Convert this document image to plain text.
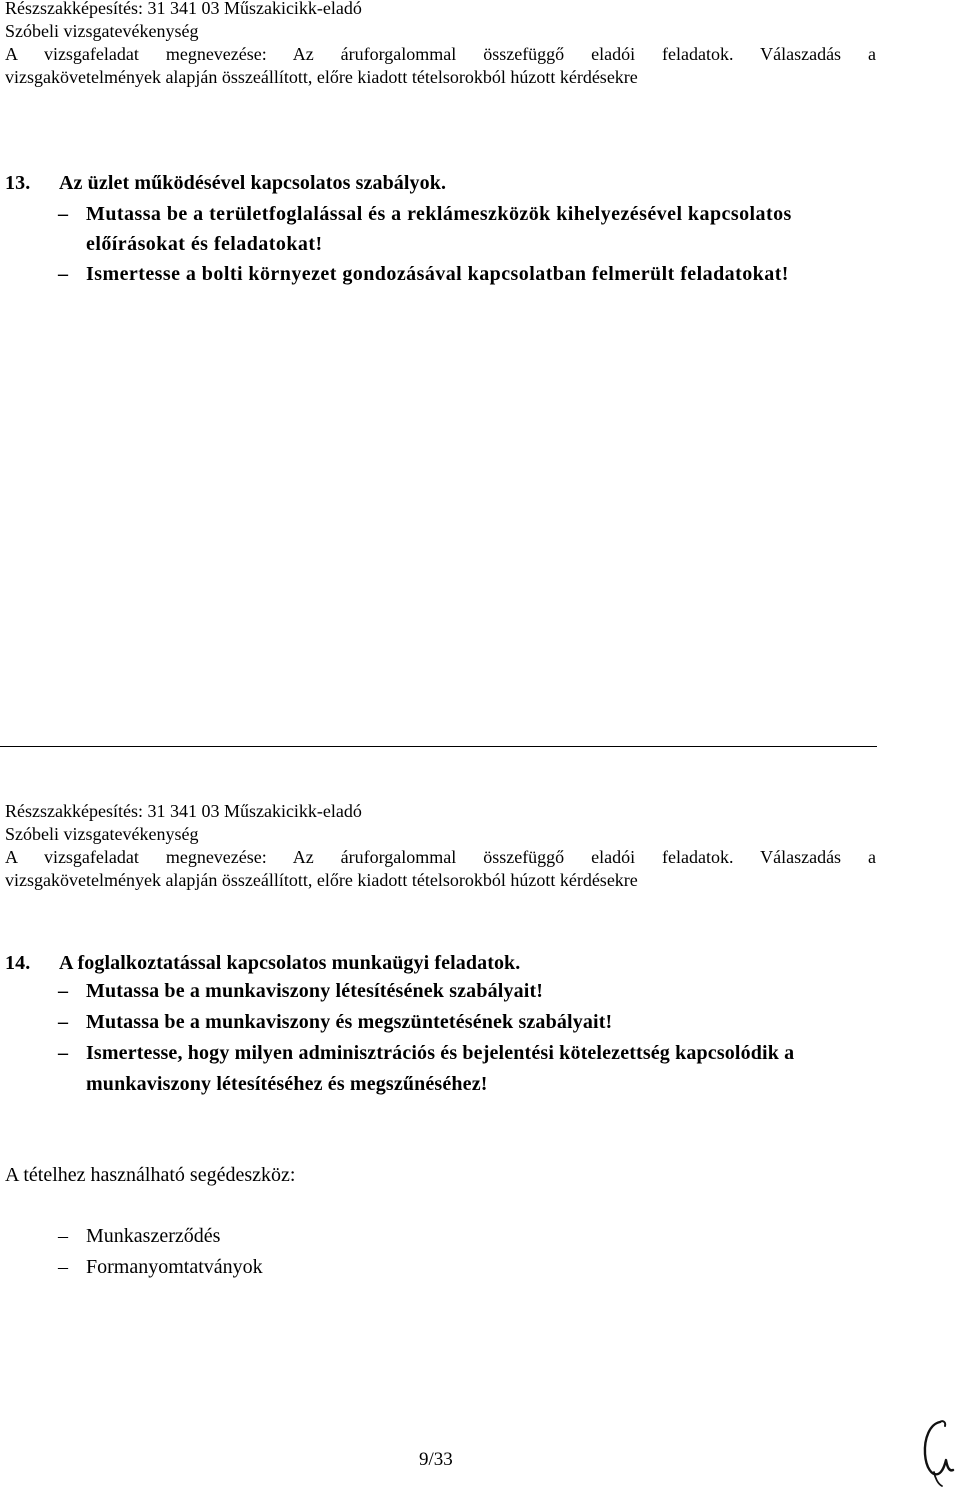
Részszakképesítés: 31 341 03 Műszakicikk-eladó
Szóbeli vizsgatevékenység
A vizsgafeladat megnevezése: Az áruforgalommal összefüggő eladói feladatok. Válaszadás a
vizsgakövetelmények alapján összeállított, előre kiadott tételsorokból húzott kérdésekre
13.	Az üzlet működésével kapcsolatos szabályok.
– Mutassa be a területfoglalással és a reklámeszközök kihelyezésével kapcsolatos előírásokat és feladatokat!
– Ismertesse a bolti környezet gondozásával kapcsolatban felmerült feladatokat!
Részszakképesítés: 31 341 03 Műszakicikk-eladó
Szóbeli vizsgatevékenység
A vizsgafeladat megnevezése: Az áruforgalommal összefüggő eladói feladatok. Válaszadás a
vizsgakövetelmények alapján összeállított, előre kiadott tételsorokból húzott kérdésekre
14.	A foglalkoztatással kapcsolatos munkaügyi feladatok.
– Mutassa be a munkaviszony létesítésének szabályait!
– Mutassa be a munkaviszony és megszüntetésének szabályait!
– Ismertesse, hogy milyen adminisztrációs és bejelentési kötelezettség kapcsolódik a munkaviszony létesítéséhez és megszűnéséhez!
A tételhez használható segédeszköz:
– Munkaszerződés
– Formanyomtatványok
9/33
